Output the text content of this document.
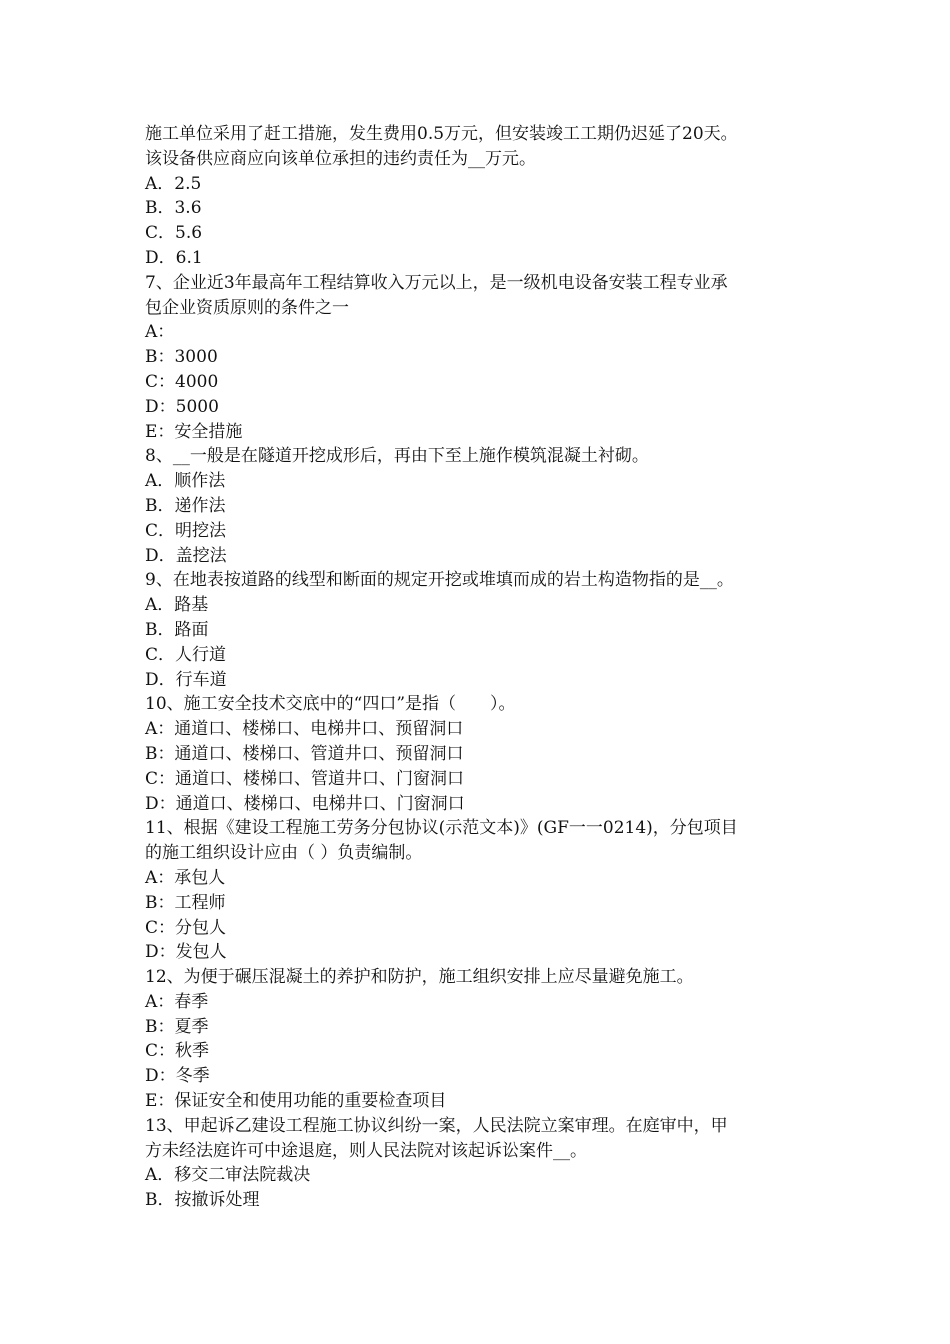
施工单位采用了赶工措施，发生费用0.5万元，但安装竣工工期仍迟延了20天。
该设备供应商应向该单位承担的违约责任为__万元。
A．2.5
B．3.6
C．5.6
D．6.1
7、企业近3年最高年工程结算收入万元以上，是一级机电设备安装工程专业承
包企业资质原则的条件之一
A：
B：3000
C：4000
D：5000
E：安全措施
8、__一般是在隧道开挖成形后，再由下至上施作模筑混凝土衬砌。
A．顺作法
B．递作法
C．明挖法
D．盖挖法
9、在地表按道路的线型和断面的规定开挖或堆填而成的岩土构造物指的是__。
A．路基
B．路面
C．人行道
D．行车道
10、施工安全技术交底中的“四口”是指（　　）。
A：通道口、楼梯口、电梯井口、预留洞口
B：通道口、楼梯口、管道井口、预留洞口
C：通道口、楼梯口、管道井口、门窗洞口
D：通道口、楼梯口、电梯井口、门窗洞口
11、根据《建设工程施工劳务分包协议(示范文本)》(GF一一0214)，分包项目
的施工组织设计应由（ ）负责编制。
A：承包人
B：工程师
C：分包人
D：发包人
12、为便于碾压混凝土的养护和防护，施工组织安排上应尽量避免施工。
A：春季
B：夏季
C：秋季
D：冬季
E：保证安全和使用功能的重要检查项目
13、甲起诉乙建设工程施工协议纠纷一案，人民法院立案审理。在庭审中，甲
方未经法庭许可中途退庭，则人民法院对该起诉讼案件__。
A．移交二审法院裁决
B．按撤诉处理
